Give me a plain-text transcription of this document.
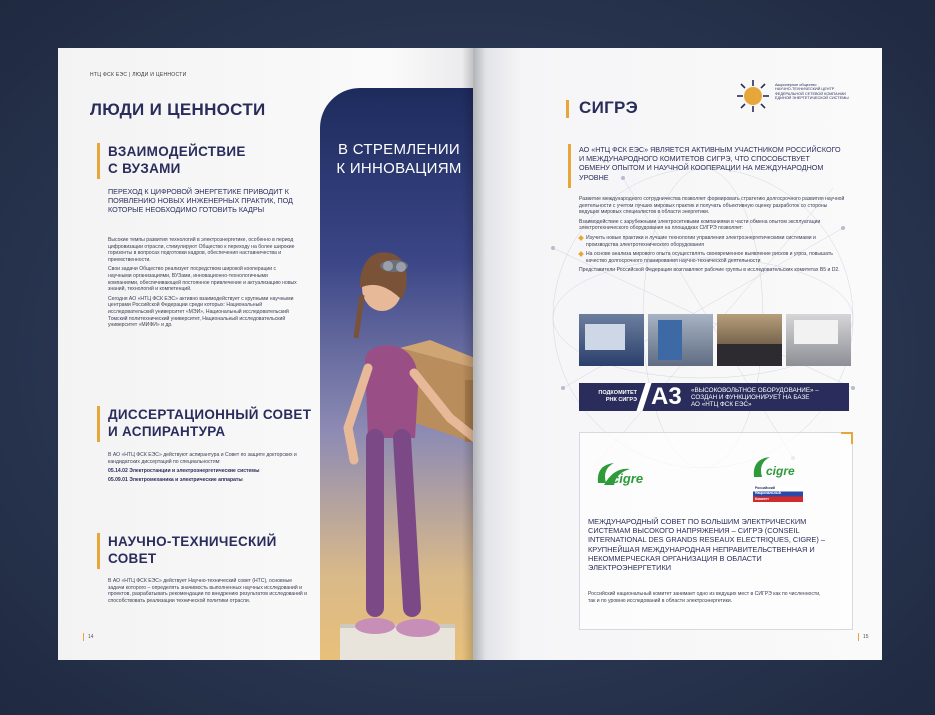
НТЦ ФСК ЕЭС | ЛЮДИ И ЦЕННОСТИ
ЛЮДИ И ЦЕННОСТИ
ВЗАИМОДЕЙСТВИЕ
С ВУЗАМИ
ПЕРЕХОД К ЦИФРОВОЙ ЭНЕРГЕТИКЕ ПРИВОДИТ К ПОЯВЛЕНИЮ НОВЫХ ИНЖЕНЕРНЫХ ПРАКТИК, ПОД КОТОРЫЕ НЕОБХОДИМО ГОТОВИТЬ КАДРЫ

Высокие темпы развития технологий в электроэнергетике, особенно в период цифровизации отрасли, стимулируют Общество к переходу на более широкие горизонты в вопросах подготовки кадров, обеспечения наставничества и преемственности.

Свои задачи Общество реализует посредством широкой кооперации с научными организациями, ВУЗами, инновационно-технологичными компаниями, обеспечивающей постоянное привлечение и актуализацию новых знаний, технологий и компетенций.

Сегодня АО «НТЦ ФСК ЕЭС» активно взаимодействует с крупными научными центрами Российской Федерации среди которых: Национальный исследовательский университет «МЭИ», Национальный исследовательский Томский политехнический университет, Национальный исследовательский университет «МИФИ» и др.

ДИССЕРТАЦИОННЫЙ СОВЕТ
И АСПИРАНТУРА

В АО «НТЦ ФСК ЕЭС» действуют аспирантура и Совет по защите докторских и кандидатских диссертаций по специальностям:

05.14.02 Электростанции и электроэнергетические системы

05.09.01 Электромеханика и электрические аппараты

НАУЧНО-ТЕХНИЧЕСКИЙ
СОВЕТ

В АО «НТЦ ФСК ЕЭС» действует Научно-технический совет (НТС), основные задачи которого – определять значимость выполненных научных исследований и проектов, разрабатывать рекомендации по внедрению результатов исследований и способствовать реализации технической политики отрасли.

14
В СТРЕМЛЕНИИ
К ИННОВАЦИЯМ
Акционерное общество
НАУЧНО-ТЕХНИЧЕСКИЙ ЦЕНТР
ФЕДЕРАЛЬНОЙ СЕТЕВОЙ КОМПАНИИ
ЕДИНОЙ ЭНЕРГЕТИЧЕСКОЙ СИСТЕМЫ
СИГРЭ
АО «НТЦ ФСК ЕЭС» ЯВЛЯЕТСЯ АКТИВНЫМ УЧАСТНИКОМ РОССИЙСКОГО И МЕЖДУНАРОДНОГО КОМИТЕТОВ СИГРЭ, ЧТО СПОСОБСТВУЕТ ОБМЕНУ ОПЫТОМ И НАУЧНОЙ КООПЕРАЦИИ НА МЕЖДУНАРОДНОМ УРОВНЕ

Развитие международного сотрудничества позволяет формировать стратегию долгосрочного развития научной деятельности с учетом лучших мировых практик и получать объективную оценку разработок со стороны ведущих мировых специалистов в области энергетики.

Взаимодействие с зарубежными электросетевыми компаниями в части обмена опытом эксплуатации электротехнического оборудования на площадках СИГРЭ позволяет:

Изучить новые практики и лучшие технологии управления электроэнергетическими системами и производства электротехнического оборудования
На основе анализа мирового опыта осуществлять своевременное выявление рисков и угроз, повышать качество долгосрочного планирования научно-технической деятельности

Представители Российской Федерации возглавляют рабочие группы в исследовательских комитетах B5 и D2.

ПОДКОМИТЕТ
РНК СИГРЭ А3 «ВЫСОКОВОЛЬТНОЕ ОБОРУДОВАНИЕ» –
СОЗДАН И ФУНКЦИОНИРУЕТ НА БАЗЕ
АО «НТЦ ФСК ЕЭС»
cigre	cigre
Российский
Национальный
Комитет
МЕЖДУНАРОДНЫЙ СОВЕТ ПО БОЛЬШИМ ЭЛЕКТРИЧЕСКИМ СИСТЕМАМ ВЫСОКОГО НАПРЯЖЕНИЯ – СИГРЭ (CONSEIL INTERNATIONAL DES GRANDS RESEAUX ELECTRIQUES, CIGRE) – КРУПНЕЙШАЯ МЕЖДУНАРОДНАЯ НЕПРАВИТЕЛЬСТВЕННАЯ И НЕКОММЕРЧЕСКАЯ ОРГАНИЗАЦИЯ В ОБЛАСТИ ЭЛЕКТРОЭНЕРГЕТИКИ
Российский национальный комитет занимает одно из ведущих мест в СИГРЭ как по численности, так и по уровню исследований в области электроэнергетики.
15
